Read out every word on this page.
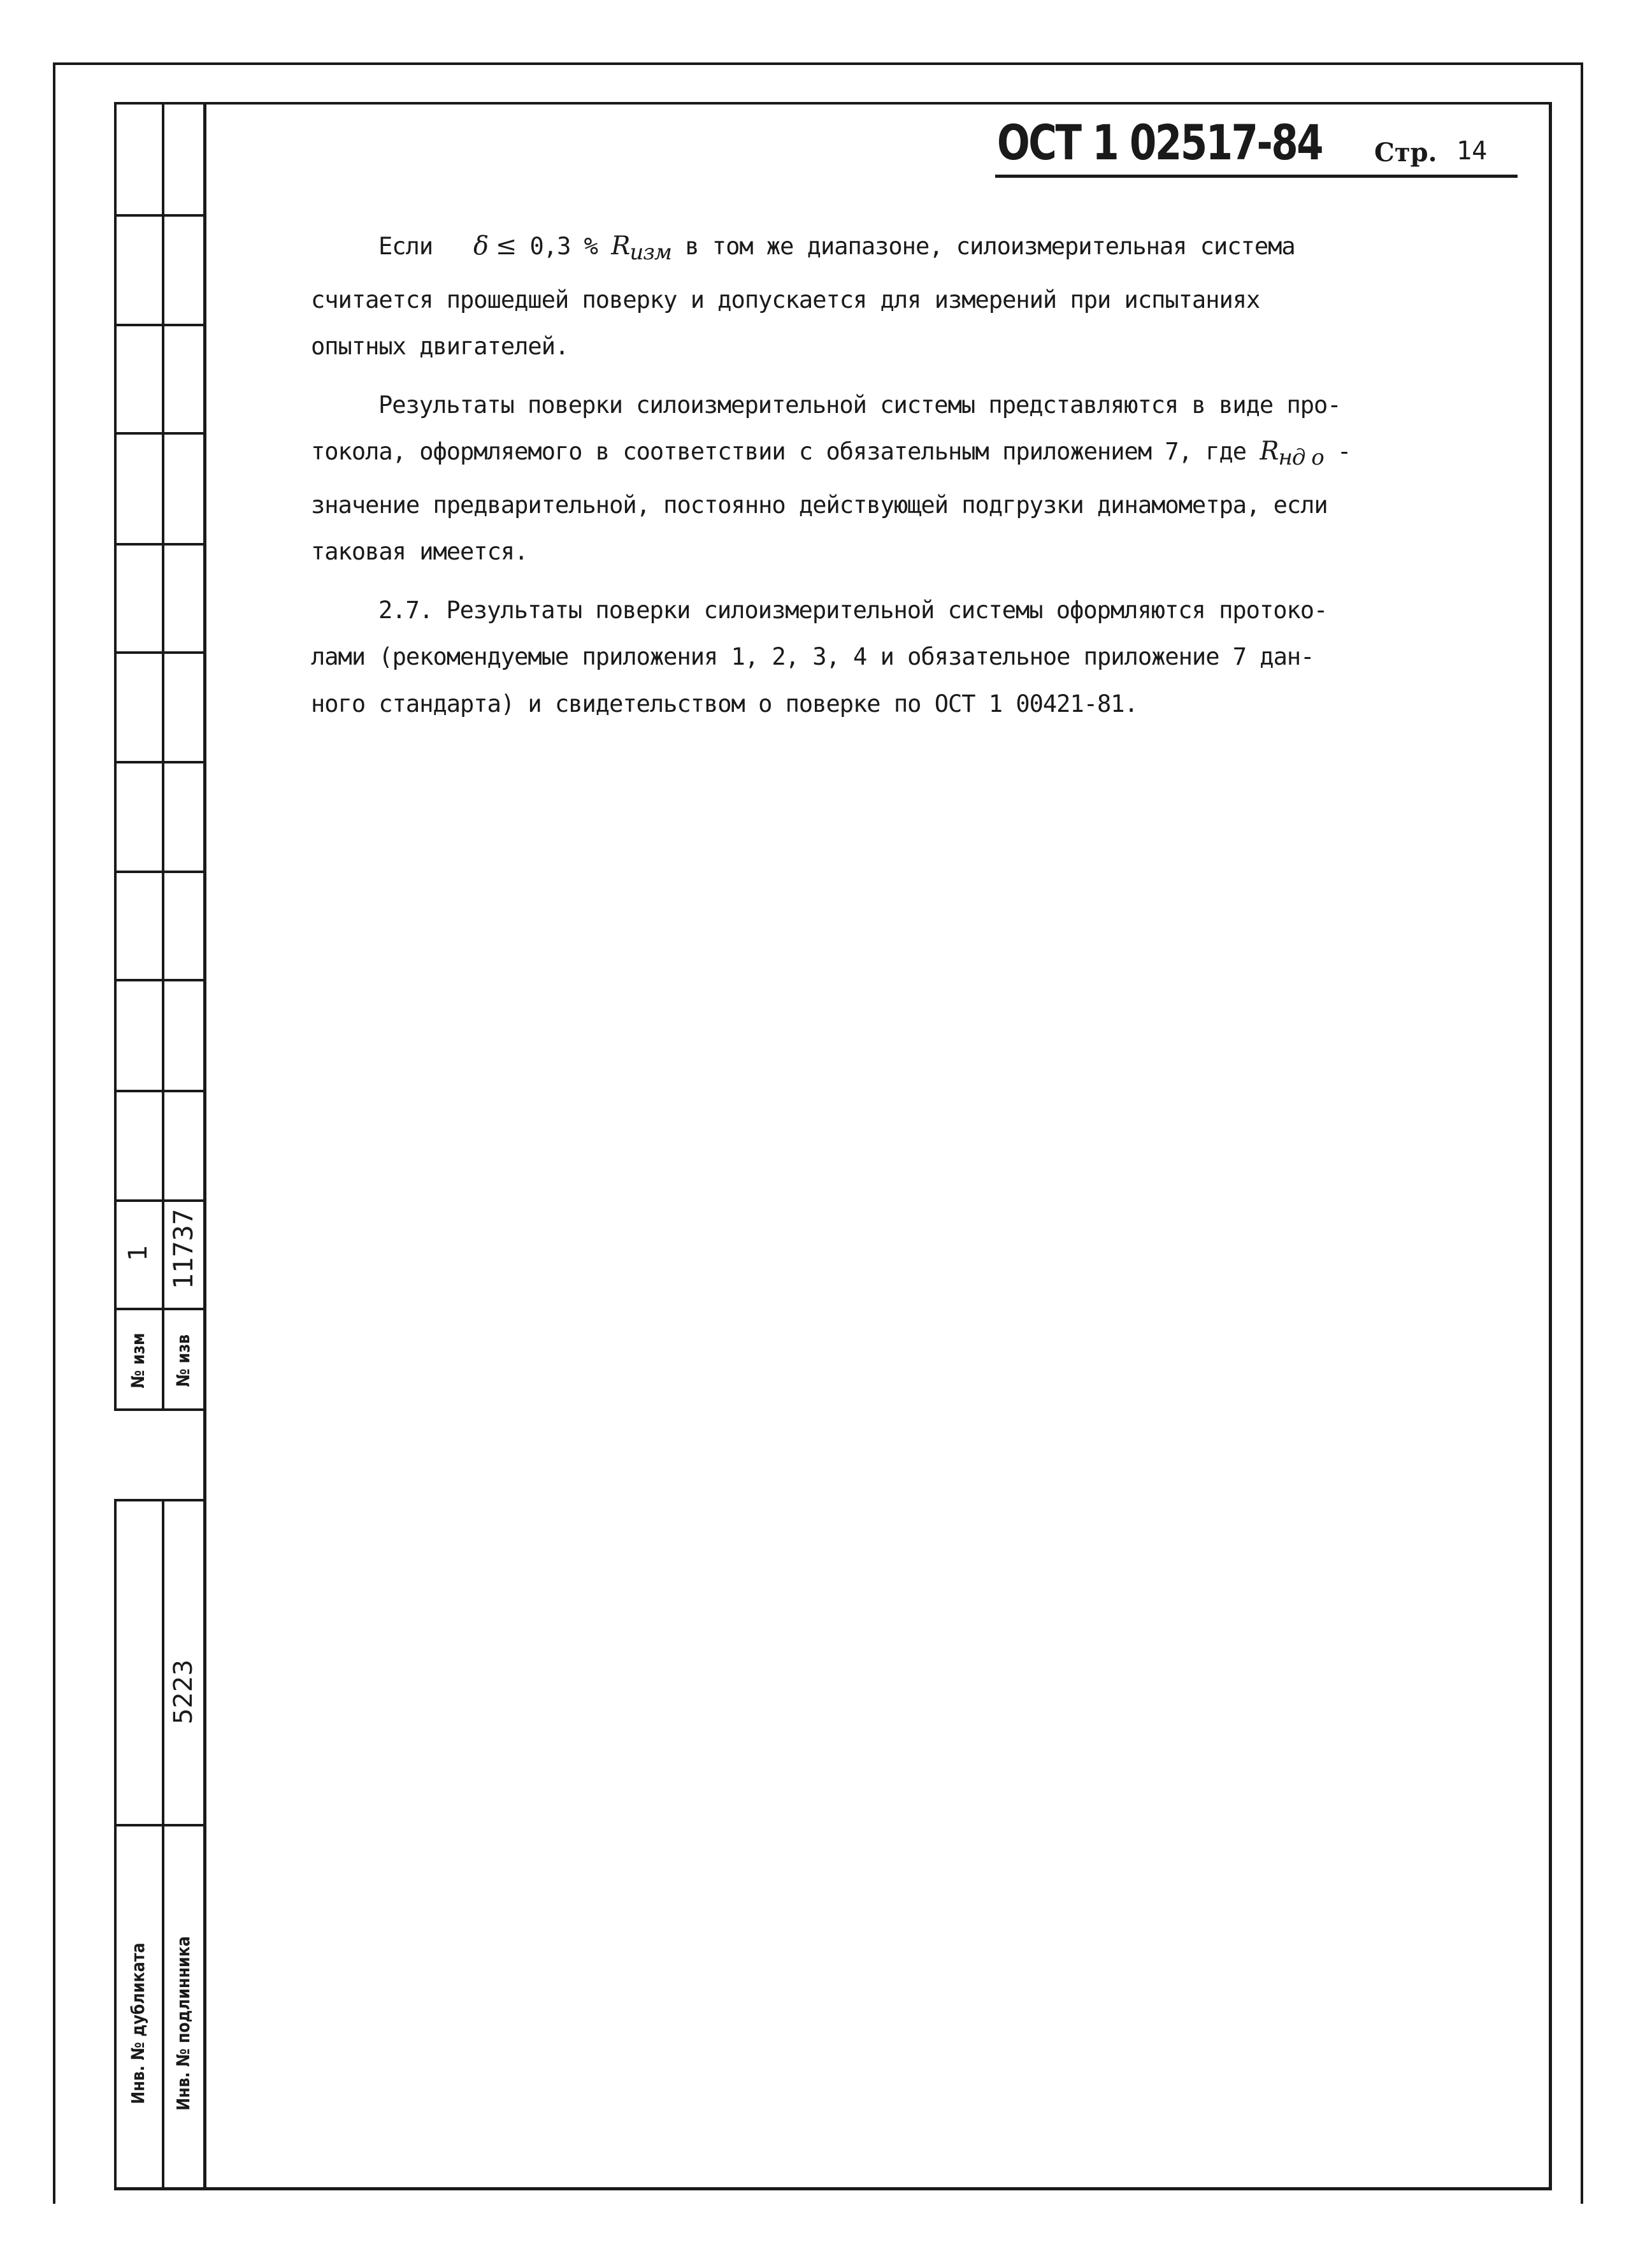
№ изм
1
№ изв
11737
Инв. № дубликата Инв. № подлинника
5223
ОСТ 1 02517-84 Стр. 14

Если δ ≤ 0,3 % Rизм в том же диапазоне, силоизмерительная система
считается прошедшей поверку и допускается для измерений при испытаниях
опытных двигателей.

Результаты поверки силоизмерительной системы представляются в виде про-
токола, оформляемого в соответствии с обязательным приложением 7, где Rнд о -
значение предварительной, постоянно действующей подгрузки динамометра, если
таковая имеется.

2.7. Результаты поверки силоизмерительной системы оформляются протоко-
лами (рекомендуемые приложения 1, 2, 3, 4 и обязательное приложение 7 дан-
ного стандарта) и свидетельством о поверке по ОСТ 1 00421-81.
